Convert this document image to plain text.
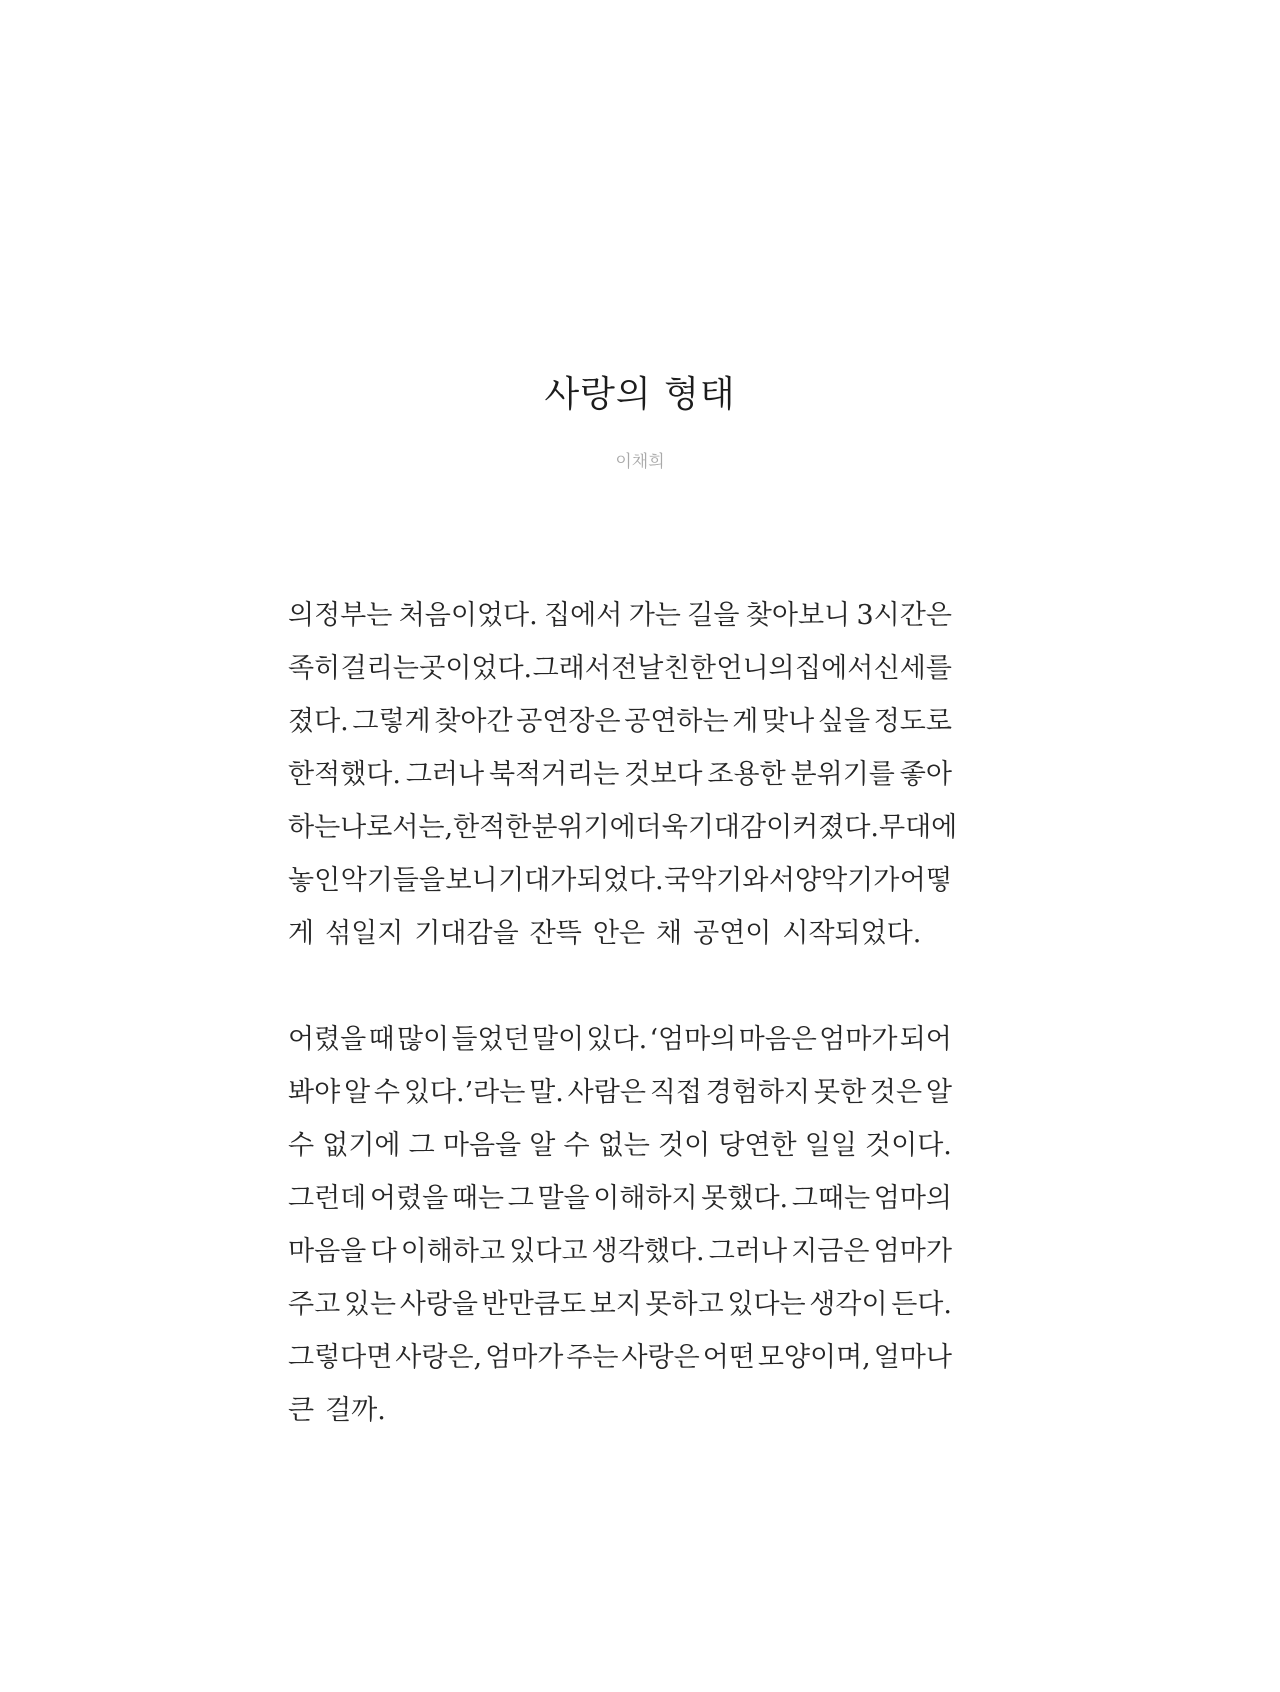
사랑의 형태
이채희
의정부는 처음이었다. 집에서 가는 길을 찾아보니 3시간은
족히 걸리는 곳이었다. 그래서 전날 친한 언니의 집에서 신세를
졌다. 그렇게 찾아간 공연장은 공연하는 게 맞나 싶을 정도로
한적했다. 그러나 북적거리는 것보다 조용한 분위기를 좋아
하는 나로서는, 한적한 분위기에 더욱 기대감이 커졌다. 무대에
놓인 악기들을 보니 기대가 되었다. 국악기와 서양악기가 어떻
게 섞일지 기대감을 잔뜩 안은 채 공연이 시작되었다.
어렸을 때 많이 들었던 말이 있다. ‘엄마의 마음은 엄마가 되어
봐야 알 수 있다.’라는 말. 사람은 직접 경험하지 못한 것은 알
수 없기에 그 마음을 알 수 없는 것이 당연한 일일 것이다.
그런데 어렸을 때는 그 말을 이해하지 못했다. 그때는 엄마의
마음을 다 이해하고 있다고 생각했다. 그러나 지금은 엄마가
주고 있는 사랑을 반만큼도 보지 못하고 있다는 생각이 든다.
그렇다면 사랑은, 엄마가 주는 사랑은 어떤 모양이며, 얼마나
큰 걸까.
